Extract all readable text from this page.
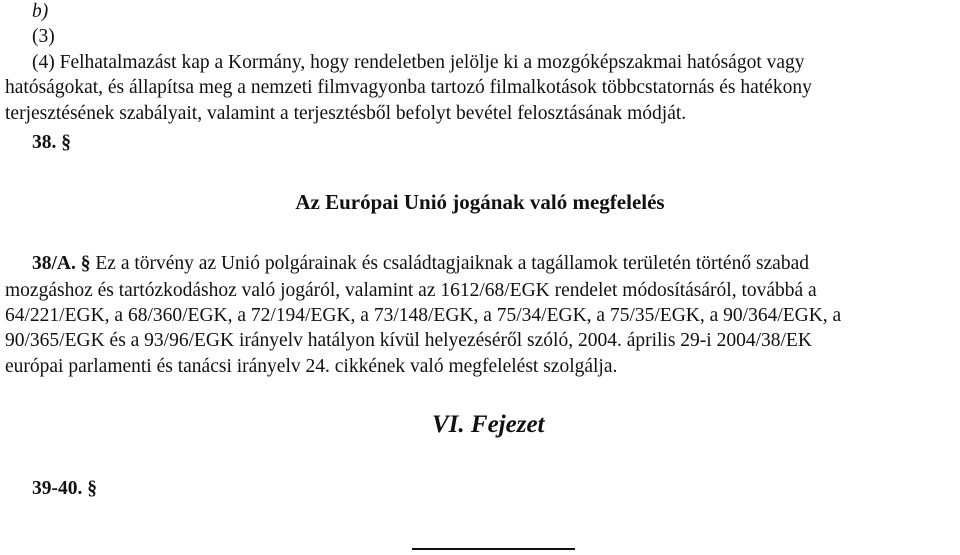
b)
(3)
(4) Felhatalmazást kap a Kormány, hogy rendeletben jelölje ki a mozgóképszakmai hatóságot vagy
hatóságokat, és állapítsa meg a nemzeti filmvagyonba tartozó filmalkotások többcstatornás és hatékony
terjesztésének szabályait, valamint a terjesztésből befolyt bevétel felosztásának módját.
38. §
Az Európai Unió jogának való megfelelés
38/A. § Ez a törvény az Unió polgárainak és családtagjaiknak a tagállamok területén történő szabad
mozgáshoz és tartózkodáshoz való jogáról, valamint az 1612/68/EGK rendelet módosításáról, továbbá a
64/221/EGK, a 68/360/EGK, a 72/194/EGK, a 73/148/EGK, a 75/34/EGK, a 75/35/EGK, a 90/364/EGK, a
90/365/EGK és a 93/96/EGK irányelv hatályon kívül helyezéséről szóló, 2004. április 29-i 2004/38/EK
európai parlamenti és tanácsi irányelv 24. cikkének való megfelelést szolgálja.
VI. Fejezet
39-40. §
